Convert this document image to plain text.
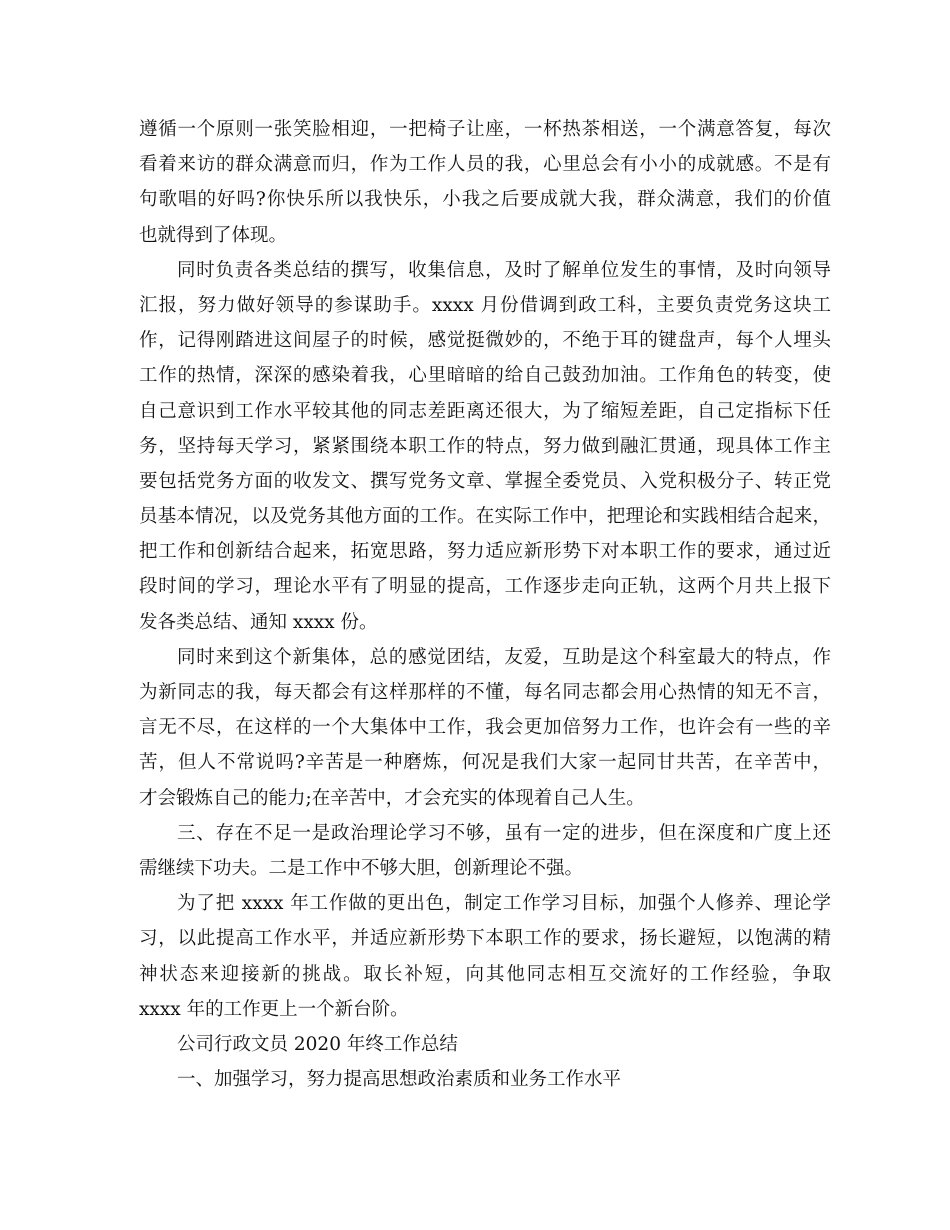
遵循一个原则一张笑脸相迎，一把椅子让座，一杯热茶相送，一个满意答复，每次
看着来访的群众满意而归，作为工作人员的我，心里总会有小小的成就感。不是有
句歌唱的好吗?你快乐所以我快乐，小我之后要成就大我，群众满意，我们的价值
也就得到了体现。
同时负责各类总结的撰写，收集信息，及时了解单位发生的事情，及时向领导
汇报，努力做好领导的参谋助手。xxxx 月份借调到政工科，主要负责党务这块工
作，记得刚踏进这间屋子的时候，感觉挺微妙的，不绝于耳的键盘声，每个人埋头
工作的热情，深深的感染着我，心里暗暗的给自己鼓劲加油。工作角色的转变，使
自己意识到工作水平较其他的同志差距离还很大，为了缩短差距，自己定指标下任
务，坚持每天学习，紧紧围绕本职工作的特点，努力做到融汇贯通，现具体工作主
要包括党务方面的收发文、撰写党务文章、掌握全委党员、入党积极分子、转正党
员基本情况，以及党务其他方面的工作。在实际工作中，把理论和实践相结合起来，
把工作和创新结合起来，拓宽思路，努力适应新形势下对本职工作的要求，通过近
段时间的学习，理论水平有了明显的提高，工作逐步走向正轨，这两个月共上报下
发各类总结、通知 xxxx 份。
同时来到这个新集体，总的感觉团结，友爱，互助是这个科室最大的特点，作
为新同志的我，每天都会有这样那样的不懂，每名同志都会用心热情的知无不言，
言无不尽，在这样的一个大集体中工作，我会更加倍努力工作，也许会有一些的辛
苦，但人不常说吗?辛苦是一种磨炼，何况是我们大家一起同甘共苦，在辛苦中，
才会锻炼自己的能力;在辛苦中，才会充实的体现着自己人生。
三、存在不足一是政治理论学习不够，虽有一定的进步，但在深度和广度上还
需继续下功夫。二是工作中不够大胆，创新理论不强。
为了把 xxxx 年工作做的更出色，制定工作学习目标，加强个人修养、理论学
习，以此提高工作水平，并适应新形势下本职工作的要求，扬长避短，以饱满的精
神状态来迎接新的挑战。取长补短，向其他同志相互交流好的工作经验，争取
xxxx 年的工作更上一个新台阶。
公司行政文员 2020 年终工作总结
一、加强学习，努力提高思想政治素质和业务工作水平
